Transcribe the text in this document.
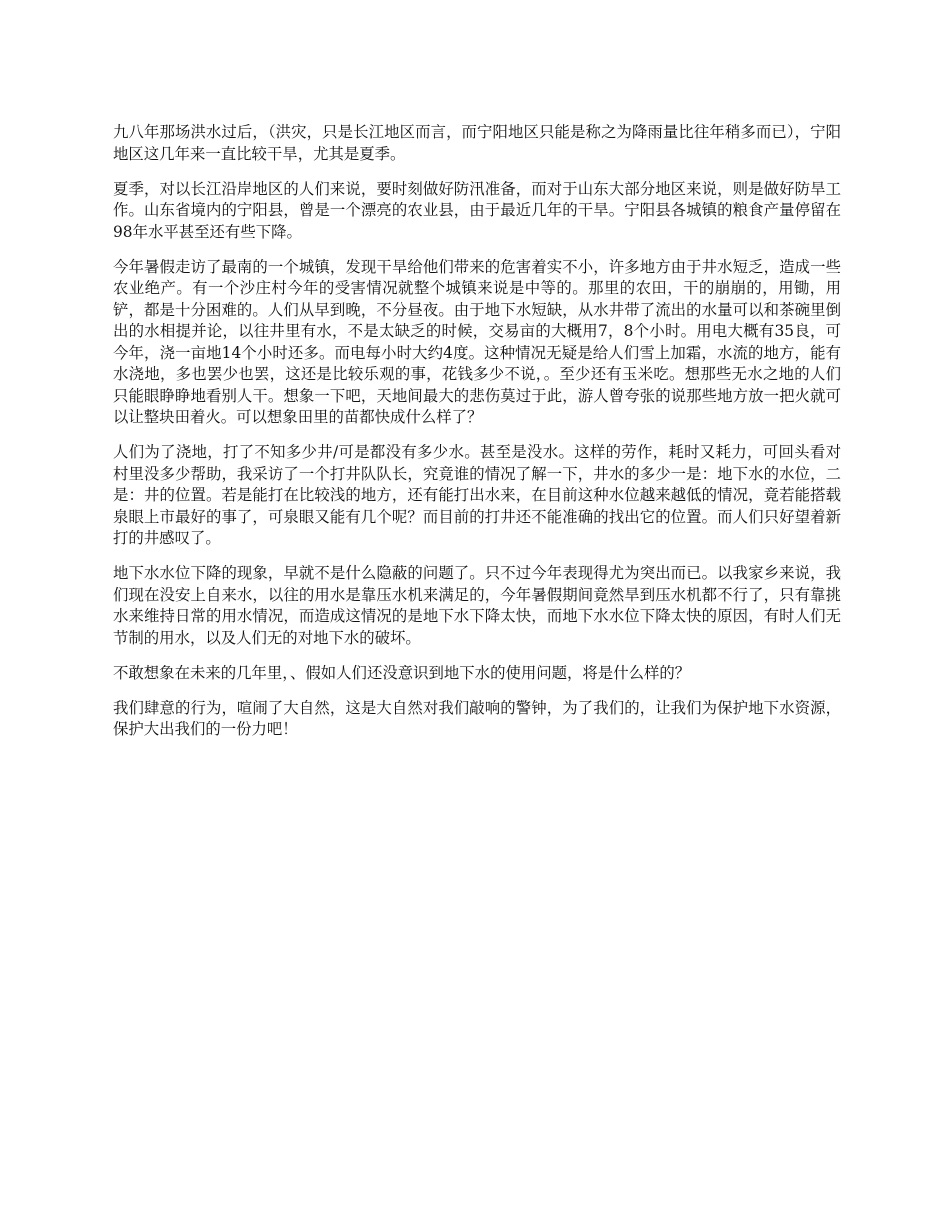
九八年那场洪水过后，（洪灾，只是长江地区而言，而宁阳地区只能是称之为降雨量比往年稍多而已），宁阳地区这几年来一直比较干旱，尤其是夏季。

夏季，对以长江沿岸地区的人们来说，要时刻做好防汛准备，而对于山东大部分地区来说，则是做好防旱工作。山东省境内的宁阳县，曾是一个漂亮的农业县，由于最近几年的干旱。宁阳县各城镇的粮食产量停留在98年水平甚至还有些下降。

今年暑假走访了最南的一个城镇，发现干旱给他们带来的危害着实不小，许多地方由于井水短乏，造成一些农业绝产。有一个沙庄村今年的受害情况就整个城镇来说是中等的。那里的农田，干的崩崩的，用锄，用铲，都是十分困难的。人们从早到晚，不分昼夜。由于地下水短缺，从水井带了流出的水量可以和茶碗里倒出的水相提并论，以往井里有水，不是太缺乏的时候，交易亩的大概用7，8个小时。用电大概有35良，可今年，浇一亩地14个小时还多。而电每小时大约4度。这种情况无疑是给人们雪上加霜，水流的地方，能有水浇地，多也罢少也罢，这还是比较乐观的事，花钱多少不说，。至少还有玉米吃。想那些无水之地的人们只能眼睁睁地看别人干。想象一下吧，天地间最大的悲伤莫过于此，游人曾夸张的说那些地方放一把火就可以让整块田着火。可以想象田里的苗都快成什么样了？

人们为了浇地，打了不知多少井/可是都没有多少水。甚至是没水。这样的劳作，耗时又耗力，可回头看对村里没多少帮助，我采访了一个打井队队长，究竟谁的情况了解一下，井水的多少一是：地下水的水位，二是：井的位置。若是能打在比较浅的地方，还有能打出水来，在目前这种水位越来越低的情况，竟若能搭载泉眼上市最好的事了，可泉眼又能有几个呢？而目前的打井还不能准确的找出它的位置。而人们只好望着新打的井感叹了。

地下水水位下降的现象，早就不是什么隐蔽的问题了。只不过今年表现得尤为突出而已。以我家乡来说，我们现在没安上自来水，以往的用水是靠压水机来满足的，今年暑假期间竟然旱到压水机都不行了，只有靠挑水来维持日常的用水情况，而造成这情况的是地下水下降太快，而地下水水位下降太快的原因，有时人们无节制的用水，以及人们无的对地下水的破坏。

不敢想象在未来的几年里，、假如人们还没意识到地下水的使用问题，将是什么样的？

我们肆意的行为，喧闹了大自然，这是大自然对我们敲响的警钟，为了我们的，让我们为保护地下水资源，保护大出我们的一份力吧！
